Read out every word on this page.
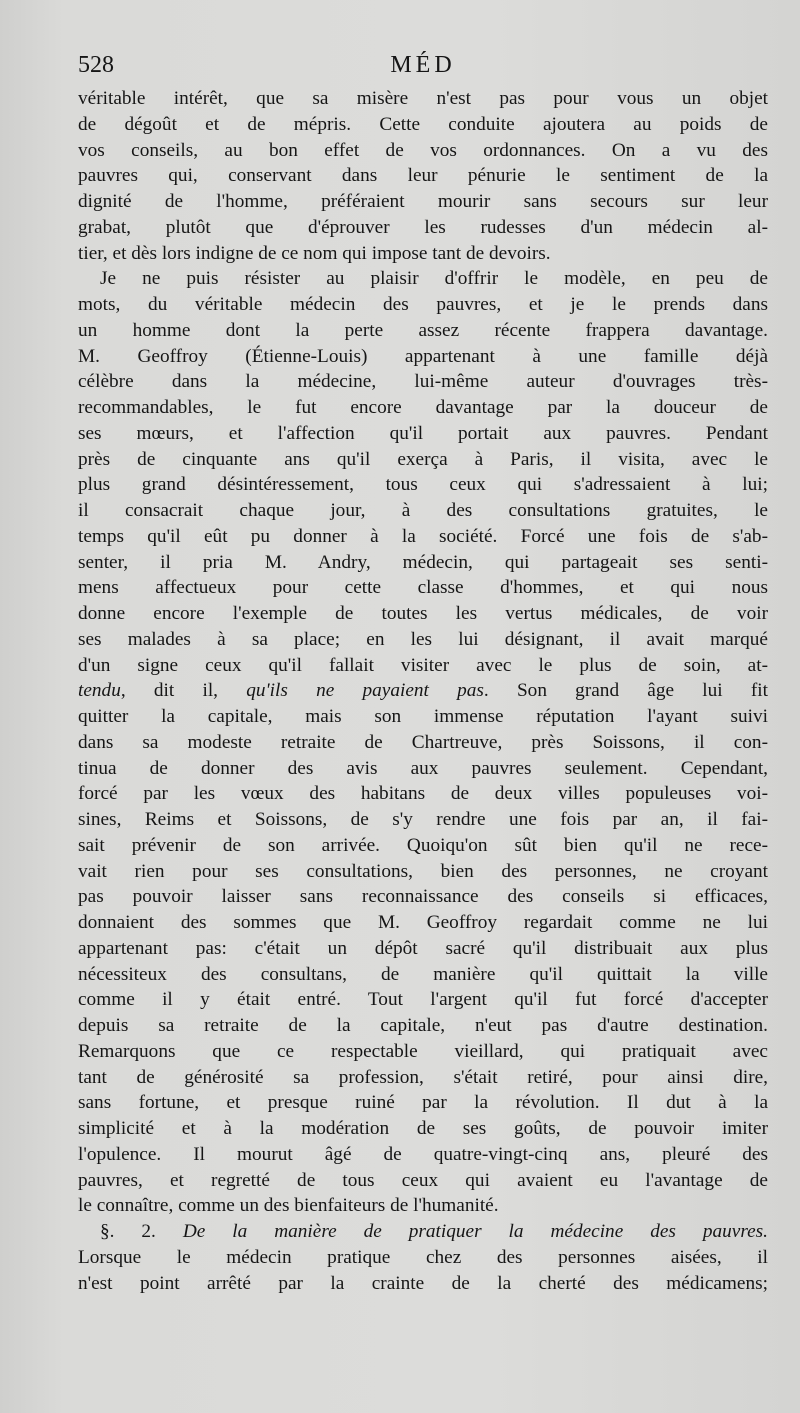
528	MÉD
véritable intérêt, que sa misère n'est pas pour vous un objet
de dégoût et de mépris. Cette conduite ajoutera au poids de
vos conseils, au bon effet de vos ordonnances. On a vu des
pauvres qui, conservant dans leur pénurie le sentiment de la
dignité de l'homme, préféraient mourir sans secours sur leur
grabat, plutôt que d'éprouver les rudesses d'un médecin al-
tier, et dès lors indigne de ce nom qui impose tant de devoirs.
Je ne puis résister au plaisir d'offrir le modèle, en peu de
mots, du véritable médecin des pauvres, et je le prends dans
un homme dont la perte assez récente frappera davantage.
M. Geoffroy (Étienne-Louis) appartenant à une famille déjà
célèbre dans la médecine, lui-même auteur d'ouvrages très-
recommandables, le fut encore davantage par la douceur de
ses mœurs, et l'affection qu'il portait aux pauvres. Pendant
près de cinquante ans qu'il exerça à Paris, il visita, avec le
plus grand désintéressement, tous ceux qui s'adressaient à lui;
il consacrait chaque jour, à des consultations gratuites, le
temps qu'il eût pu donner à la société. Forcé une fois de s'ab-
senter, il pria M. Andry, médecin, qui partageait ses senti-
mens affectueux pour cette classe d'hommes, et qui nous
donne encore l'exemple de toutes les vertus médicales, de voir
ses malades à sa place; en les lui désignant, il avait marqué
d'un signe ceux qu'il fallait visiter avec le plus de soin, at-
tendu, dit il, qu'ils ne payaient pas. Son grand âge lui fit
quitter la capitale, mais son immense réputation l'ayant suivi
dans sa modeste retraite de Chartreuve, près Soissons, il con-
tinua de donner des avis aux pauvres seulement. Cependant,
forcé par les vœux des habitans de deux villes populeuses voi-
sines, Reims et Soissons, de s'y rendre une fois par an, il fai-
sait prévenir de son arrivée. Quoiqu'on sût bien qu'il ne rece-
vait rien pour ses consultations, bien des personnes, ne croyant
pas pouvoir laisser sans reconnaissance des conseils si efficaces,
donnaient des sommes que M. Geoffroy regardait comme ne lui
appartenant pas: c'était un dépôt sacré qu'il distribuait aux plus
nécessiteux des consultans, de manière qu'il quittait la ville
comme il y était entré. Tout l'argent qu'il fut forcé d'accepter
depuis sa retraite de la capitale, n'eut pas d'autre destination.
Remarquons que ce respectable vieillard, qui pratiquait avec
tant de générosité sa profession, s'était retiré, pour ainsi dire,
sans fortune, et presque ruiné par la révolution. Il dut à la
simplicité et à la modération de ses goûts, de pouvoir imiter
l'opulence. Il mourut âgé de quatre-vingt-cinq ans, pleuré des
pauvres, et regretté de tous ceux qui avaient eu l'avantage de
le connaître, comme un des bienfaiteurs de l'humanité.
§. 2. De la manière de pratiquer la médecine des pauvres.
Lorsque le médecin pratique chez des personnes aisées, il
n'est point arrêté par la crainte de la cherté des médicamens;
